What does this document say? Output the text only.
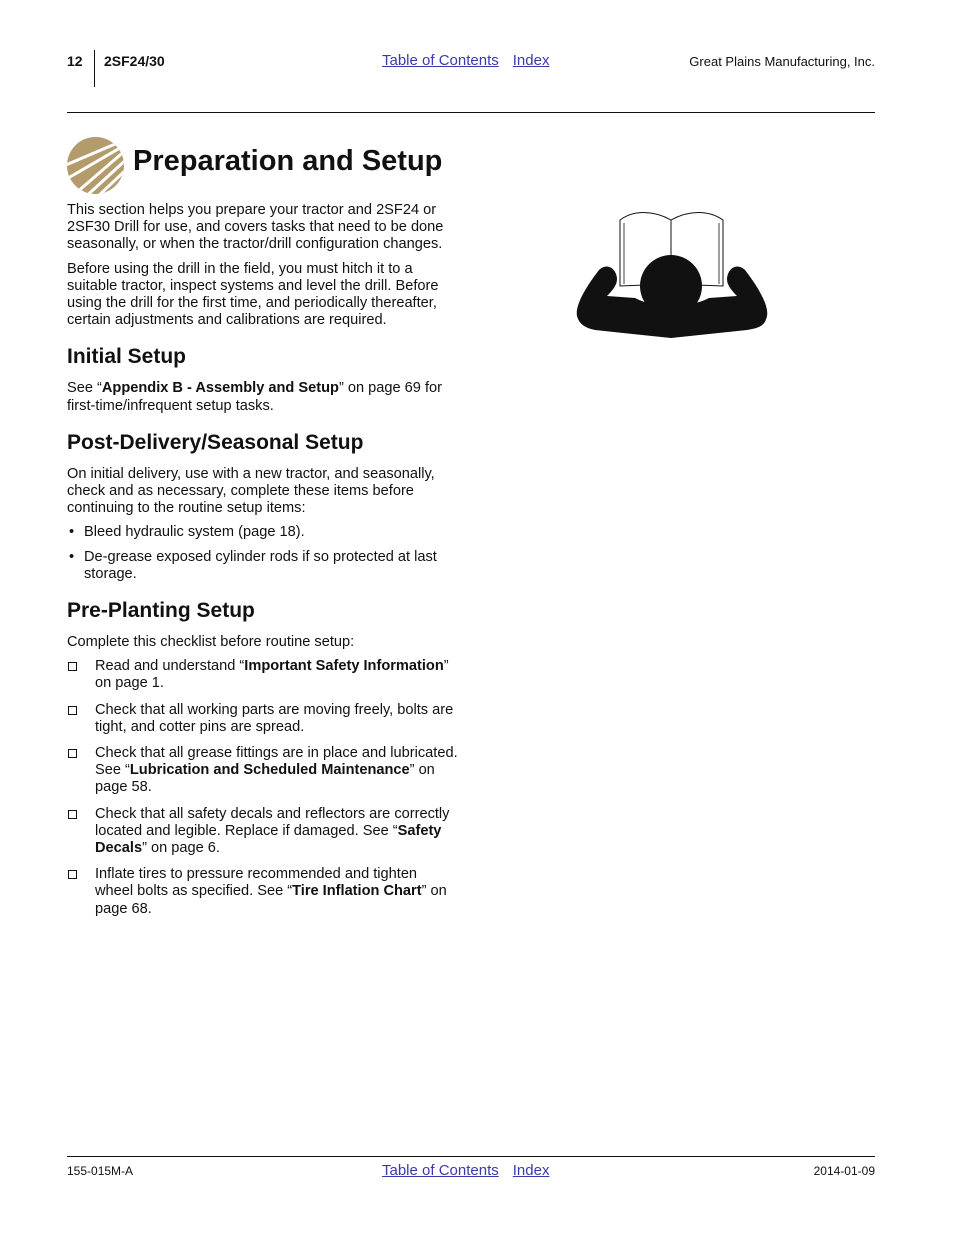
12 2SF24/30	Table of Contents Index	Great Plains Manufacturing, Inc.
Preparation and Setup

This section helps you prepare your tractor and 2SF24 or 2SF30 Drill for use, and covers tasks that need to be done seasonally, or when the tractor/drill configuration changes.

Before using the drill in the field, you must hitch it to a suitable tractor, inspect systems and level the drill. Before using the drill for the first time, and periodically thereafter, certain adjustments and calibrations are required.

Initial Setup

See “Appendix B - Assembly and Setup” on page 69 for first-time/infrequent setup tasks.

Post-Delivery/Seasonal Setup

On initial delivery, use with a new tractor, and seasonally, check and as necessary, complete these items before continuing to the routine setup items:

• Bleed hydraulic system (page 18).
• De-grease exposed cylinder rods if so protected at last storage.
Pre-Planting Setup

Complete this checklist before routine setup:

Read and understand “Important Safety Information” on page 1.
Check that all working parts are moving freely, bolts are tight, and cotter pins are spread.
Check that all grease fittings are in place and lubricated. See “Lubrication and Scheduled Maintenance” on page 58.
Check that all safety decals and reflectors are correctly located and legible. Replace if damaged. See “Safety Decals” on page 6.
Inflate tires to pressure recommended and tighten wheel bolts as specified. See “Tire Inflation Chart” on page 68.
155-015M-A	Table of Contents Index	2014-01-09
